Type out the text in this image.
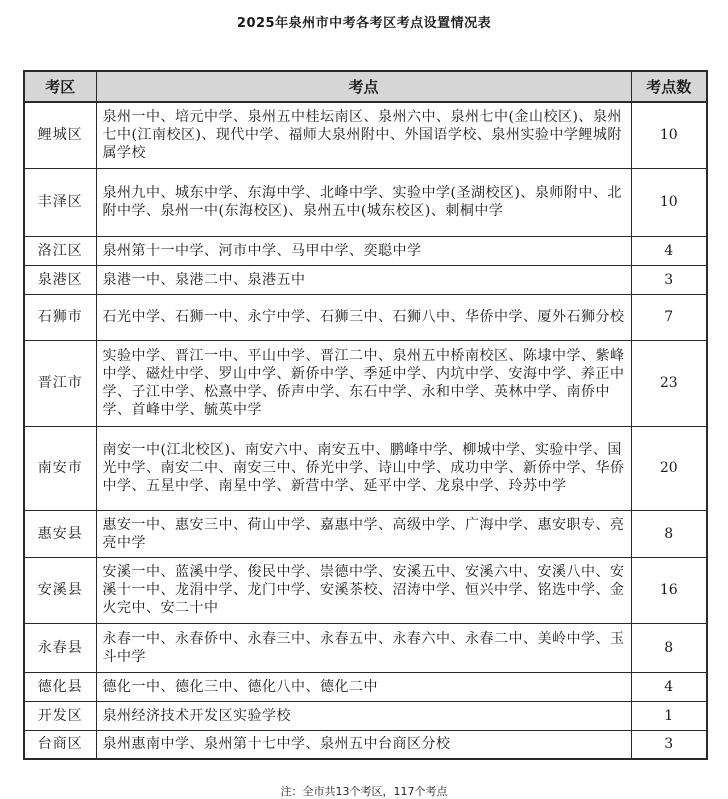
2025年泉州市中考各考区考点设置情况表
考区	考点	考点数
鲤城区	泉州一中、培元中学、泉州五中桂坛南区、泉州六中、泉州七中(金山校区)、泉州七中(江南校区)、现代中学、福师大泉州附中、外国语学校、泉州实验中学鲤城附属学校	10
丰泽区	泉州九中、城东中学、东海中学、北峰中学、实验中学(圣湖校区)、泉师附中、北附中学、泉州一中(东海校区)、泉州五中(城东校区)、刺桐中学	10
洛江区	泉州第十一中学、河市中学、马甲中学、奕聪中学	4
泉港区	泉港一中、泉港二中、泉港五中	3
石狮市	石光中学、石狮一中、永宁中学、石狮三中、石狮八中、华侨中学、厦外石狮分校	7
晋江市	实验中学、晋江一中、平山中学、晋江二中、泉州五中桥南校区、陈埭中学、紫峰中学、磁灶中学、罗山中学、新侨中学、季延中学、内坑中学、安海中学、养正中学、子江中学、松熹中学、侨声中学、东石中学、永和中学、英林中学、南侨中学、首峰中学、毓英中学	23
南安市	南安一中(江北校区)、南安六中、南安五中、鹏峰中学、柳城中学、实验中学、国光中学、南安二中、南安三中、侨光中学、诗山中学、成功中学、新侨中学、华侨中学、五星中学、南星中学、新营中学、延平中学、龙泉中学、玲苏中学	20
惠安县	惠安一中、惠安三中、荷山中学、嘉惠中学、高级中学、广海中学、惠安职专、亮亮中学	8
安溪县	安溪一中、蓝溪中学、俊民中学、崇德中学、安溪五中、安溪六中、安溪八中、安溪十一中、龙涓中学、龙门中学、安溪茶校、沼涛中学、恒兴中学、铭选中学、金火完中、安二十中	16
永春县	永春一中、永春侨中、永春三中、永春五中、永春六中、永春二中、美岭中学、玉斗中学	8
德化县	德化一中、德化三中、德化八中、德化二中	4
开发区	泉州经济技术开发区实验学校	1
台商区	泉州惠南中学、泉州第十七中学、泉州五中台商区分校	3
注：全市共13个考区，117个考点
